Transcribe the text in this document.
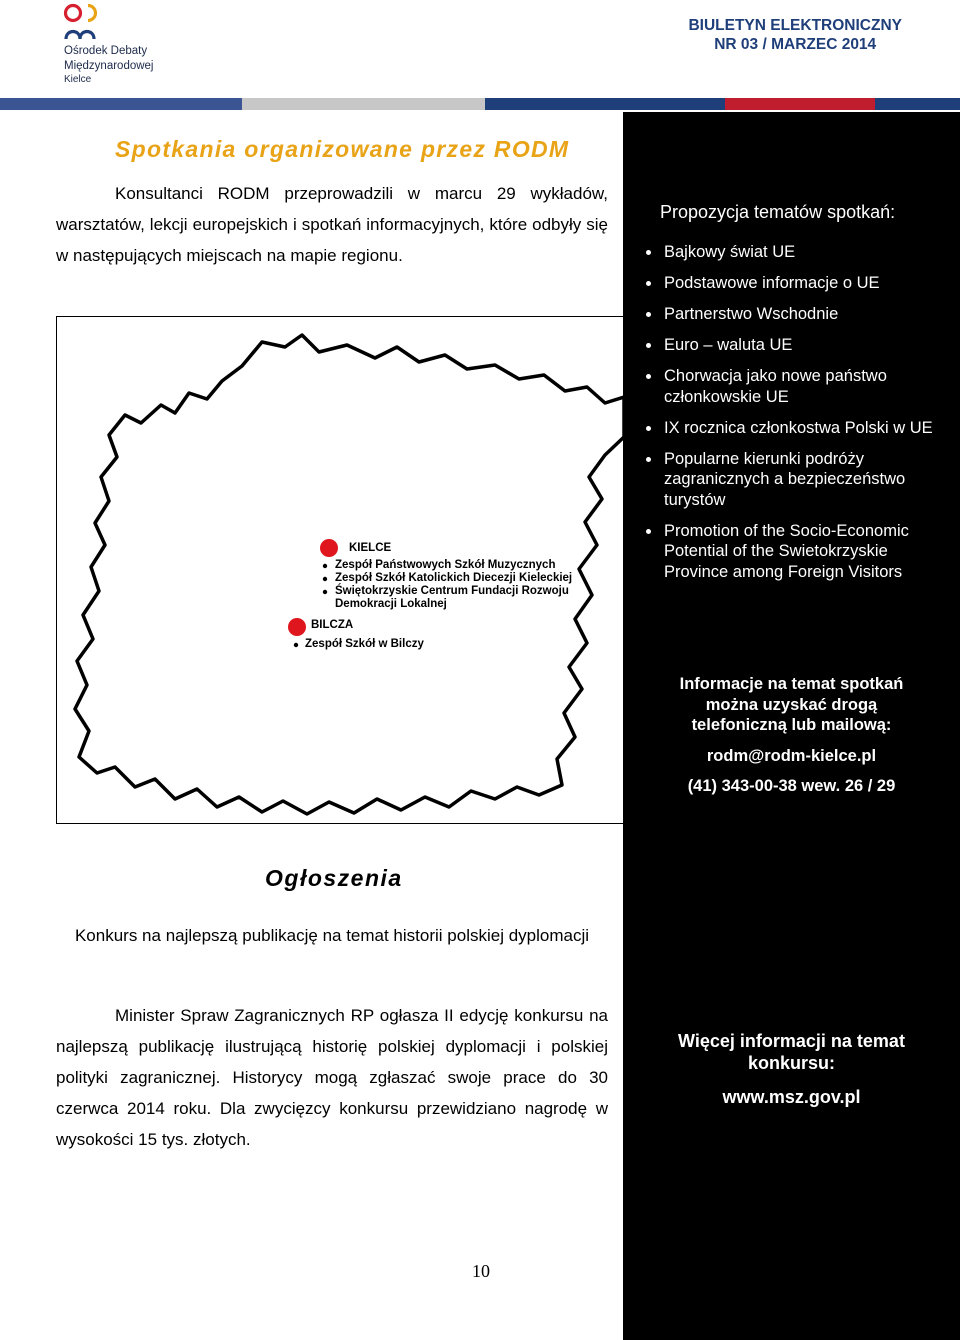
Ośrodek Debaty
Międzynarodowej
Kielce
BIULETYN ELEKTRONICZNY
NR 03 / MARZEC 2014
Spotkania organizowane przez RODM
Konsultanci RODM przeprowadzili w marcu 29 wykładów, warsztatów, lekcji europejskich i spotkań informacyjnych, które odbyły się w następujących miejscach na mapie regionu.
KIELCE
Zespół Państwowych Szkół Muzycznych
Zespół Szkół Katolickich Diecezji Kieleckiej
Świętokrzyskie Centrum Fundacji Rozwoju
Demokracji Lokalnej
BILCZA
Zespół Szkół w Bilczy
Ogłoszenia
Konkurs na najlepszą publikację na temat historii polskiej dyplomacji
Minister Spraw Zagranicznych RP ogłasza II edycję konkursu na najlepszą publikację ilustrującą historię polskiej dyplomacji i polskiej polityki zagranicznej. Historycy mogą zgłaszać swoje prace do 30 czerwca 2014 roku. Dla zwycięzcy konkursu przewidziano nagrodę w wysokości 15 tys. złotych.
10
Propozycja tematów spotkań:
Bajkowy świat UE
Podstawowe informacje o UE
Partnerstwo Wschodnie
Euro – waluta UE
Chorwacja jako nowe państwo członkowskie UE
IX rocznica członkostwa Polski w UE
Popularne kierunki podróży zagranicznych a bezpieczeństwo turystów
Promotion of the Socio-Economic Potential of the Swietokrzyskie Province among Foreign Visitors
Informacje na temat spotkań można uzyskać drogą telefoniczną lub mailową:
rodm@rodm-kielce.pl
(41) 343-00-38 wew. 26 / 29
Więcej informacji na temat konkursu:
www.msz.gov.pl
